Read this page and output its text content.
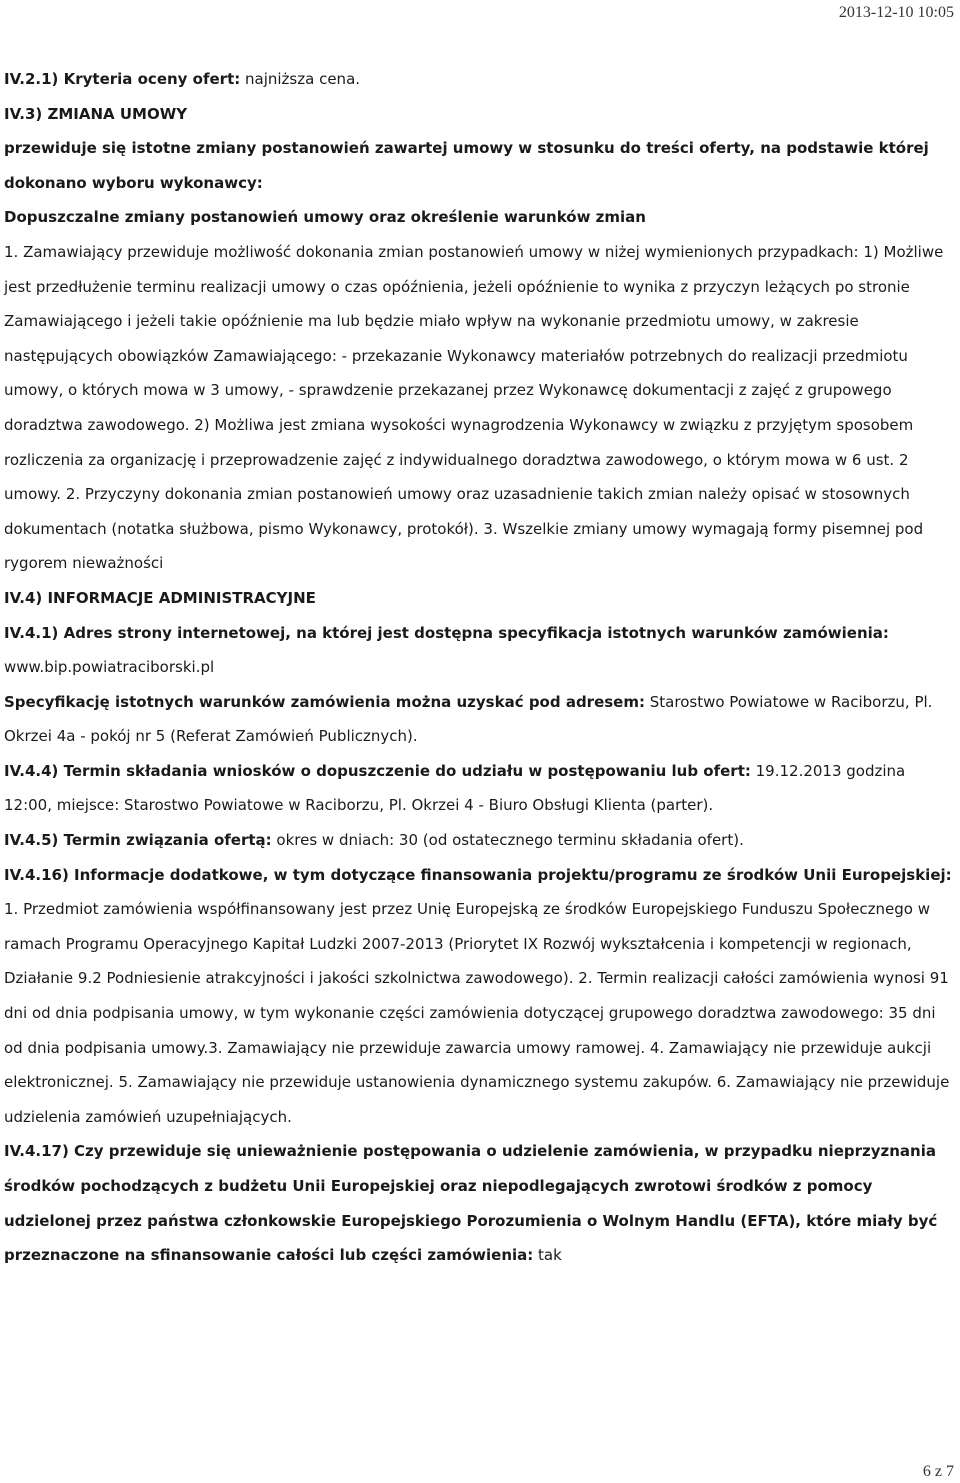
2013-12-10 10:05

IV.2.1) Kryteria oceny ofert: najniższa cena.

IV.3) ZMIANA UMOWY

przewiduje się istotne zmiany postanowień zawartej umowy w stosunku do treści oferty, na podstawie której dokonano wyboru wykonawcy:

Dopuszczalne zmiany postanowień umowy oraz określenie warunków zmian

1. Zamawiający przewiduje możliwość dokonania zmian postanowień umowy w niżej wymienionych przypadkach: 1) Możliwe jest przedłużenie terminu realizacji umowy o czas opóźnienia, jeżeli opóźnienie to wynika z przyczyn leżących po stronie Zamawiającego i jeżeli takie opóźnienie ma lub będzie miało wpływ na wykonanie przedmiotu umowy, w zakresie następujących obowiązków Zamawiającego: - przekazanie Wykonawcy materiałów potrzebnych do realizacji przedmiotu umowy, o których mowa w 3 umowy, - sprawdzenie przekazanej przez Wykonawcę dokumentacji z zajęć z grupowego doradztwa zawodowego. 2) Możliwa jest zmiana wysokości wynagrodzenia Wykonawcy w związku z przyjętym sposobem rozliczenia za organizację i przeprowadzenie zajęć z indywidualnego doradztwa zawodowego, o którym mowa w 6 ust. 2 umowy. 2. Przyczyny dokonania zmian postanowień umowy oraz uzasadnienie takich zmian należy opisać w stosownych dokumentach (notatka służbowa, pismo Wykonawcy, protokół). 3. Wszelkie zmiany umowy wymagają formy pisemnej pod rygorem nieważności

IV.4) INFORMACJE ADMINISTRACYJNE

IV.4.1) Adres strony internetowej, na której jest dostępna specyfikacja istotnych warunków zamówienia:

www.bip.powiatraciborski.pl

Specyfikację istotnych warunków zamówienia można uzyskać pod adresem: Starostwo Powiatowe w Raciborzu, Pl. Okrzei 4a - pokój nr 5 (Referat Zamówień Publicznych).

IV.4.4) Termin składania wniosków o dopuszczenie do udziału w postępowaniu lub ofert: 19.12.2013 godzina 12:00, miejsce: Starostwo Powiatowe w Raciborzu, Pl. Okrzei 4 - Biuro Obsługi Klienta (parter).

IV.4.5) Termin związania ofertą: okres w dniach: 30 (od ostatecznego terminu składania ofert).

IV.4.16) Informacje dodatkowe, w tym dotyczące finansowania projektu/programu ze środków Unii Europejskiej: 1. Przedmiot zamówienia współfinansowany jest przez Unię Europejską ze środków Europejskiego Funduszu Społecznego w ramach Programu Operacyjnego Kapitał Ludzki 2007-2013 (Priorytet IX Rozwój wykształcenia i kompetencji w regionach, Działanie 9.2 Podniesienie atrakcyjności i jakości szkolnictwa zawodowego). 2. Termin realizacji całości zamówienia wynosi 91 dni od dnia podpisania umowy, w tym wykonanie części zamówienia dotyczącej grupowego doradztwa zawodowego: 35 dni od dnia podpisania umowy.3. Zamawiający nie przewiduje zawarcia umowy ramowej. 4. Zamawiający nie przewiduje aukcji elektronicznej. 5. Zamawiający nie przewiduje ustanowienia dynamicznego systemu zakupów. 6. Zamawiający nie przewiduje udzielenia zamówień uzupełniających.

IV.4.17) Czy przewiduje się unieważnienie postępowania o udzielenie zamówienia, w przypadku nieprzyznania środków pochodzących z budżetu Unii Europejskiej oraz niepodlegających zwrotowi środków z pomocy udzielonej przez państwa członkowskie Europejskiego Porozumienia o Wolnym Handlu (EFTA), które miały być przeznaczone na sfinansowanie całości lub części zamówienia: tak

6 z 7
